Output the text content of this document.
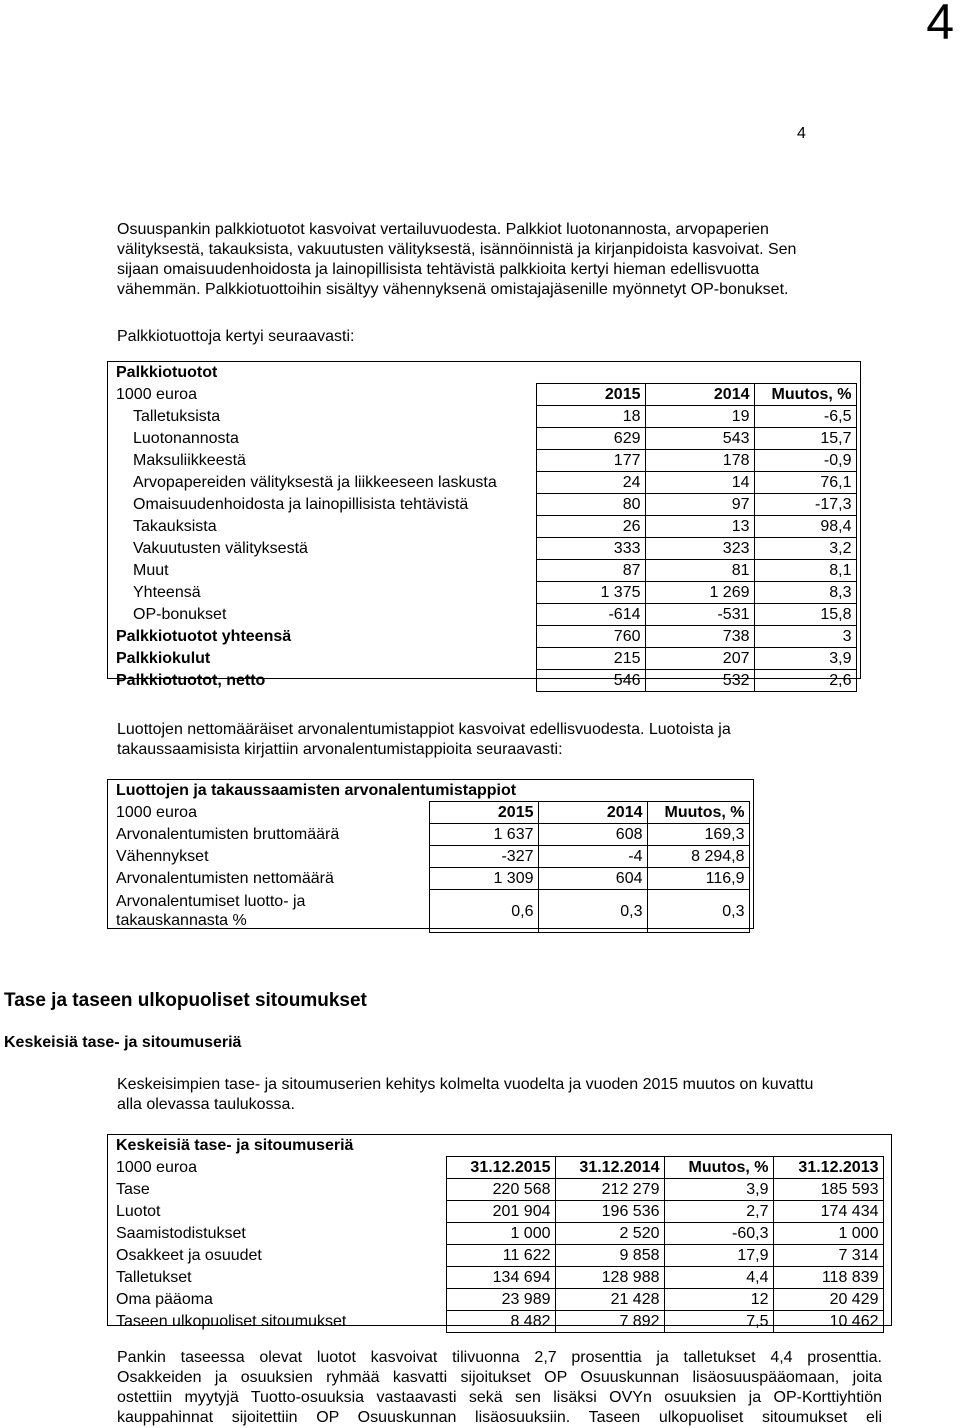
4
4

Osuuspankin palkkiotuotot kasvoivat vertailuvuodesta. Palkkiot luotonannosta, arvopaperien

välityksestä, takauksista, vakuutusten välityksestä, isännöinnistä ja kirjanpidoista kasvoivat. Sen

sijaan omaisuudenhoidosta ja lainopillisista tehtävistä palkkioita kertyi hieman edellisvuotta

vähemmän. Palkkiotuottoihin sisältyy vähennyksenä omistajajäsenille myönnetyt OP-bonukset.

Palkkiotuottoja kertyi seuraavasti:
Palkkiotuotot			
1000 euroa	2015	2014	Muutos, %
Talletuksista	18	19	-6,5
Luotonannosta	629	543	15,7
Maksuliikkeestä	177	178	-0,9
Arvopapereiden välityksestä ja liikkeeseen laskusta	24	14	76,1
Omaisuudenhoidosta ja lainopillisista tehtävistä	80	97	-17,3
Takauksista	26	13	98,4
Vakuutusten välityksestä	333	323	3,2
Muut	87	81	8,1
Yhteensä	1 375	1 269	8,3
OP-bonukset	-614	-531	15,8
Palkkiotuotot yhteensä	760	738	3
Palkkiokulut	215	207	3,9
Palkkiotuotot, netto	546	532	2,6

Luottojen nettomääräiset arvonalentumistappiot kasvoivat edellisvuodesta. Luotoista ja

takaussaamisista kirjattiin arvonalentumistappioita seuraavasti:

Luottojen ja takaussaamisten arvonalentumistappiot			
1000 euroa	2015	2014	Muutos, %
Arvonalentumisten bruttomäärä	1 637	608	169,3
Vähennykset	-327	-4	8 294,8
Arvonalentumisten nettomäärä	1 309	604	116,9
Arvonalentumiset luotto- ja
takauskannasta %	0,6	0,3	0,3
Tase ja taseen ulkopuoliset sitoumukset
Keskeisiä tase- ja sitoumuseriä

Keskeisimpien tase- ja sitoumuserien kehitys kolmelta vuodelta ja vuoden 2015 muutos on kuvattu

alla olevassa taulukossa.

Keskeisiä tase- ja sitoumuseriä				
1000 euroa	31.12.2015	31.12.2014	Muutos, %	31.12.2013
Tase	220 568	212 279	3,9	185 593
Luotot	201 904	196 536	2,7	174 434
Saamistodistukset	1 000	2 520	-60,3	1 000
Osakkeet ja osuudet	11 622	9 858	17,9	7 314
Talletukset	134 694	128 988	4,4	118 839
Oma pääoma	23 989	21 428	12	20 429
Taseen ulkopuoliset sitoumukset	8 482	7 892	7,5	10 462

Pankin taseessa olevat luotot kasvoivat tilivuonna 2,7 prosenttia ja talletukset 4,4 prosenttia.

Osakkeiden ja osuuksien ryhmää kasvatti sijoitukset OP Osuuskunnan lisäosuuspääomaan, joita

ostettiin myytyjä Tuotto-osuuksia vastaavasti sekä sen lisäksi OVYn osuuksien ja OP-Korttiyhtiön

kauppahinnat sijoitettiin OP Osuuskunnan lisäosuuksiin. Taseen ulkopuoliset sitoumukset eli
